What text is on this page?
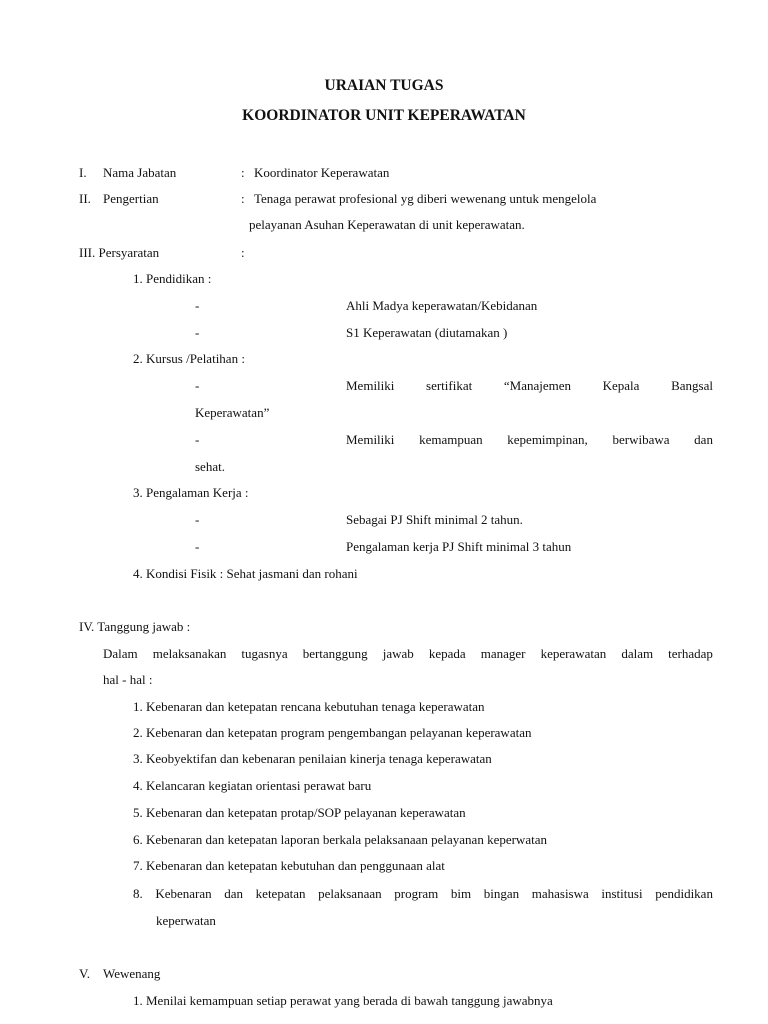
URAIAN TUGAS
KOORDINATOR UNIT KEPERAWATAN
I. Nama Jabatan	: Koordinator Keperawatan
II. Pengertian	: Tenaga perawat profesional yg diberi wewenang untuk mengelola
pelayanan Asuhan Keperawatan di unit keperawatan.
III. Persyaratan	:
1. Pendidikan :
-	Ahli Madya keperawatan/Kebidanan
-	S1 Keperawatan (diutamakan )
2. Kursus /Pelatihan :
-	Memiliki sertifikat “Manajemen Kepala Bangsal
Keperawatan”
-	Memiliki kemampuan kepemimpinan, berwibawa dan
sehat.
3. Pengalaman Kerja :
-	Sebagai PJ Shift minimal 2 tahun.
-	Pengalaman kerja PJ Shift minimal 3 tahun
4. Kondisi Fisik : Sehat jasmani dan rohani
IV. Tanggung jawab :
Dalam melaksanakan tugasnya bertanggung jawab kepada manager keperawatan dalam terhadap
hal - hal :
1. Kebenaran dan ketepatan rencana kebutuhan tenaga keperawatan
2. Kebenaran dan ketepatan program pengembangan pelayanan keperawatan
3. Keobyektifan dan kebenaran penilaian kinerja tenaga keperawatan
4. Kelancaran kegiatan orientasi perawat baru
5. Kebenaran dan ketepatan protap/SOP pelayanan keperawatan
6. Kebenaran dan ketepatan laporan berkala pelaksanaan pelayanan keperwatan
7. Kebenaran dan ketepatan kebutuhan dan penggunaan alat
8. Kebenaran dan ketepatan pelaksanaan program bim bingan mahasiswa institusi pendidikan
keperwatan
V. Wewenang
1. Menilai kemampuan setiap perawat yang berada di bawah tanggung jawabnya
